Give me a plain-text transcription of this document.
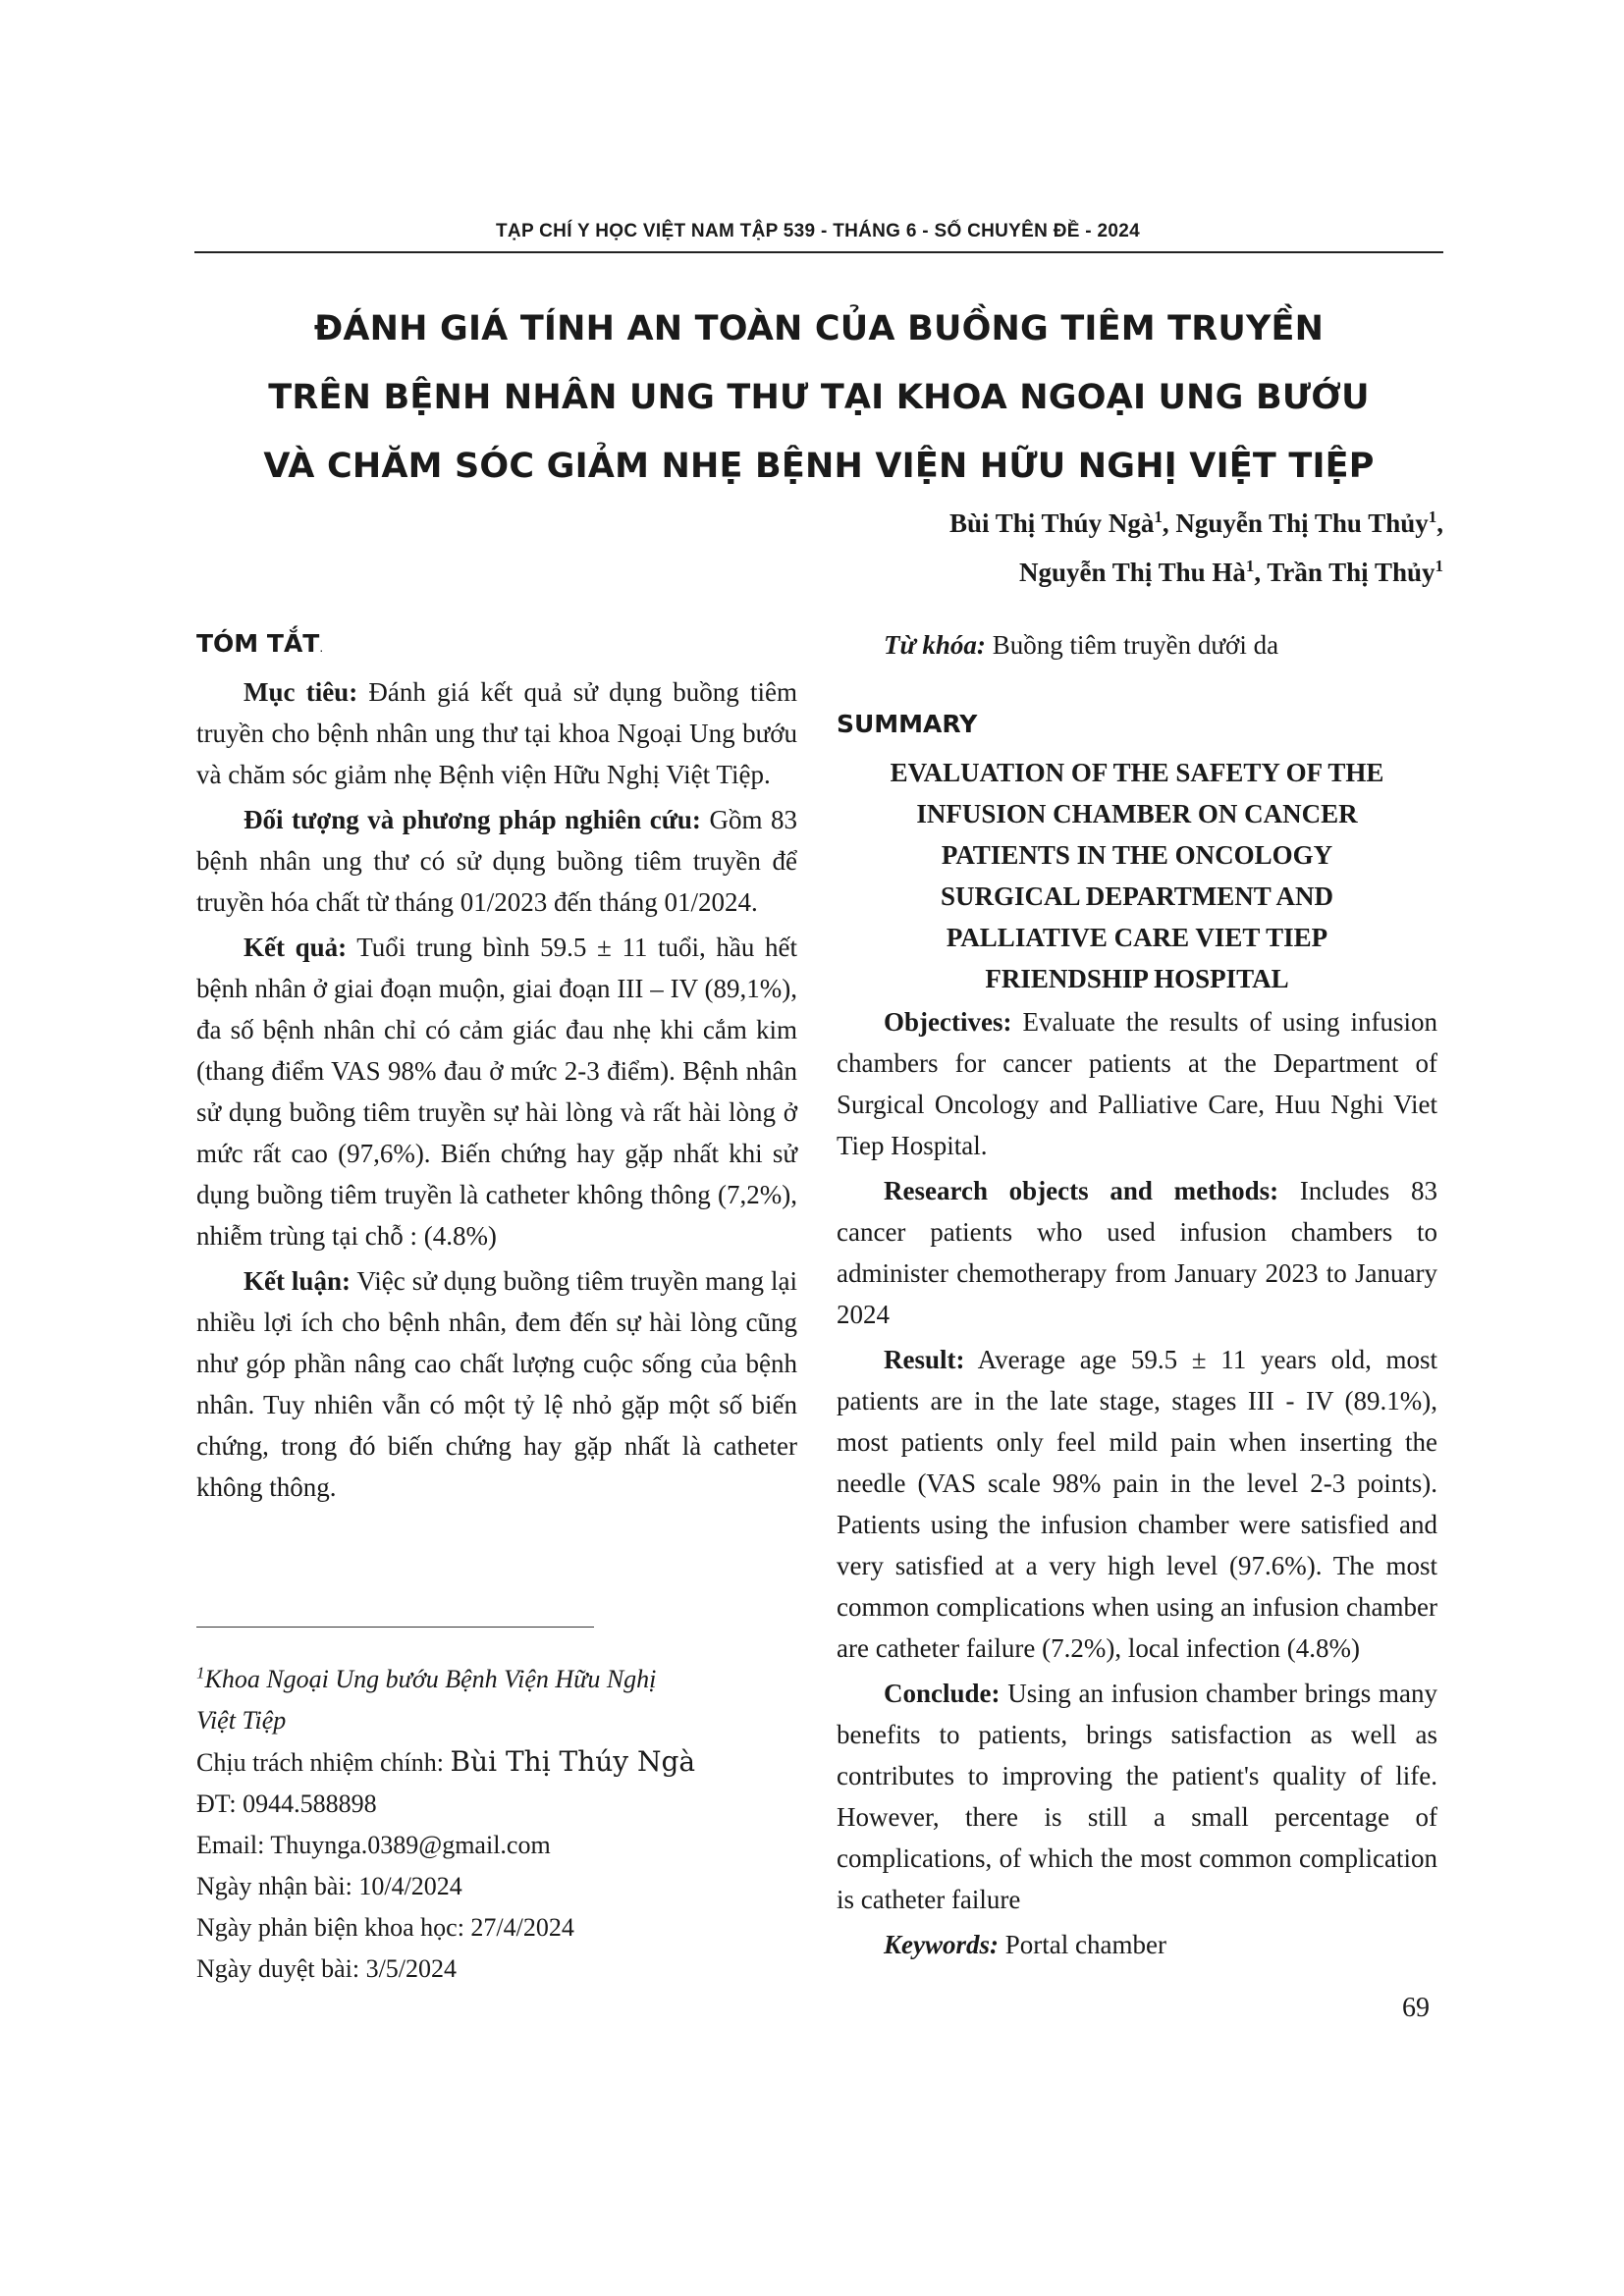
TẠP CHÍ Y HỌC VIỆT NAM TẬP 539 - THÁNG 6 - SỐ CHUYÊN ĐỀ - 2024
ĐÁNH GIÁ TÍNH AN TOÀN CỦA BUỒNG TIÊM TRUYỀN
TRÊN BỆNH NHÂN UNG THƯ TẠI KHOA NGOẠI UNG BƯỚU
VÀ CHĂM SÓC GIẢM NHẸ BỆNH VIỆN HỮU NGHỊ VIỆT TIỆP
Bùi Thị Thúy Ngà$^1$, Nguyễn Thị Thu Thủy$^1$,
Nguyễn Thị Thu $Hà^1$, Trần Thị Thủy$^1$
TÓM TẮT.

Mục tiêu: Đánh giá kết quả sử dụng buồng tiêm truyền cho bệnh nhân ung thư tại khoa Ngoại Ung bướu và chăm sóc giảm nhẹ Bệnh viện Hữu Nghị Việt Tiệp.

Đối tượng và phương pháp nghiên cứu: Gồm 83 bệnh nhân ung thư có sử dụng buồng tiêm truyền để truyền hóa chất từ tháng 01/2023 đến tháng 01/2024.

Kết quả: Tuổi trung bình 59.5 ± 11 tuổi, hầu hết bệnh nhân ở giai đoạn muộn, giai đoạn III – IV (89,1%), đa số bệnh nhân chỉ có cảm giác đau nhẹ khi cắm kim (thang điểm VAS 98% đau ở mức 2-3 điểm). Bệnh nhân sử dụng buồng tiêm truyền sự hài lòng và rất hài lòng ở mức rất cao (97,6%). Biến chứng hay gặp nhất khi sử dụng buồng tiêm truyền là catheter không thông (7,2%), nhiễm trùng tại chỗ : (4.8%)

Kết luận: Việc sử dụng buồng tiêm truyền mang lại nhiều lợi ích cho bệnh nhân, đem đến sự hài lòng cũng như góp phần nâng cao chất lượng cuộc sống của bệnh nhân. Tuy nhiên vẫn có một tỷ lệ nhỏ gặp một số biến chứng, trong đó biến chứng hay gặp nhất là catheter không thông.

Từ khóa: Buồng tiêm truyền dưới da

SUMMARY
EVALUATION OF THE SAFETY OF THE
INFUSION CHAMBER ON CANCER
PATIENTS IN THE ONCOLOGY
SURGICAL DEPARTMENT AND
PALLIATIVE CARE VIET TIEP
FRIENDSHIP HOSPITAL

Objectives: Evaluate the results of using infusion chambers for cancer patients at the Department of Surgical Oncology and Palliative Care, Huu Nghi Viet Tiep Hospital.

Research objects and methods: Includes 83 cancer patients who used infusion chambers to administer chemotherapy from January 2023 to January 2024

Result: Average age 59.5 ± 11 years old, most patients are in the late stage, stages III - IV (89.1%), most patients only feel mild pain when inserting the needle (VAS scale 98% pain in the level 2-3 points). Patients using the infusion chamber were satisfied and very satisfied at a very high level (97.6%). The most common complications when using an infusion chamber are catheter failure (7.2%), local infection (4.8%)

Conclude: Using an infusion chamber brings many benefits to patients, brings satisfaction as well as contributes to improving the patient's quality of life. However, there is still a small percentage of complications, of which the most common complication is catheter failure

Keywords: Portal chamber

$^1$Khoa Ngoại Ung bướu Bệnh Viện Hữu Nghị
Việt Tiệp
Chịu trách nhiệm chính: Bùi Thị Thúy Ngà
ĐT: 0944.588898
Email: Thuynga.0389@gmail.com
Ngày nhận bài: 10/4/2024
Ngày phản biện khoa học: 27/4/2024
Ngày duyệt bài: 3/5/2024
69
